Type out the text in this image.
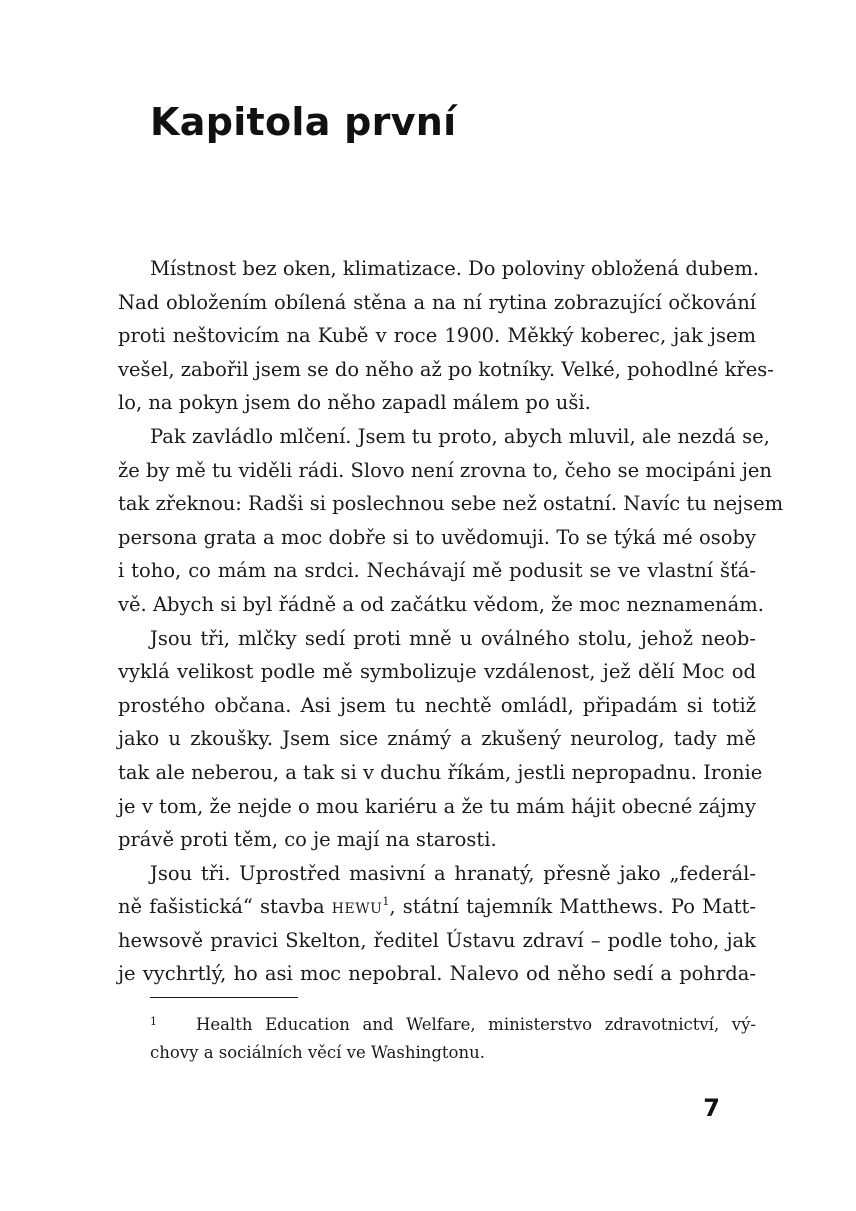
Kapitola první
Místnost bez oken, klimatizace. Do poloviny obložená dubem.
Nad obložením obílená stěna a na ní rytina zobrazující očkování
proti neštovicím na Kubě v roce 1900. Měkký koberec, jak jsem
vešel, zabořil jsem se do něho až po kotníky. Velké, pohodlné křes-
lo, na pokyn jsem do něho zapadl málem po uši.
Pak zavládlo mlčení. Jsem tu proto, abych mluvil, ale nezdá se,
že by mě tu viděli rádi. Slovo není zrovna to, čeho se mocipáni jen
tak zřeknou: Radši si poslechnou sebe než ostatní. Navíc tu nejsem
persona grata a moc dobře si to uvědomuji. To se týká mé osoby
i toho, co mám na srdci. Nechávají mě podusit se ve vlastní šťá-
vě. Abych si byl řádně a od začátku vědom, že moc neznamenám.
Jsou tři, mlčky sedí proti mně u oválného stolu, jehož neob-
vyklá velikost podle mě symbolizuje vzdálenost, jež dělí Moc od
prostého občana. Asi jsem tu nechtě omládl, připadám si totiž
jako u zkoušky. Jsem sice známý a zkušený neurolog, tady mě
tak ale neberou, a tak si v duchu říkám, jestli nepropadnu. Ironie
je v tom, že nejde o mou kariéru a že tu mám hájit obecné zájmy
právě proti těm, co je mají na starosti.
Jsou tři. Uprostřed masivní a hranatý, přesně jako „federál-
ně fašistická“ stavba hewu$^1$, státní tajemník Matthews. Po Matt-
hewsově pravici Skelton, ředitel Ústavu zdraví – podle toho, jak
je vychrtlý, ho asi moc nepobral. Nalevo od něho sedí a pohrda-
1 Health Education and Welfare, ministerstvo zdravotnictví, vý-
chovy a sociálních věcí ve Washingtonu.
7
